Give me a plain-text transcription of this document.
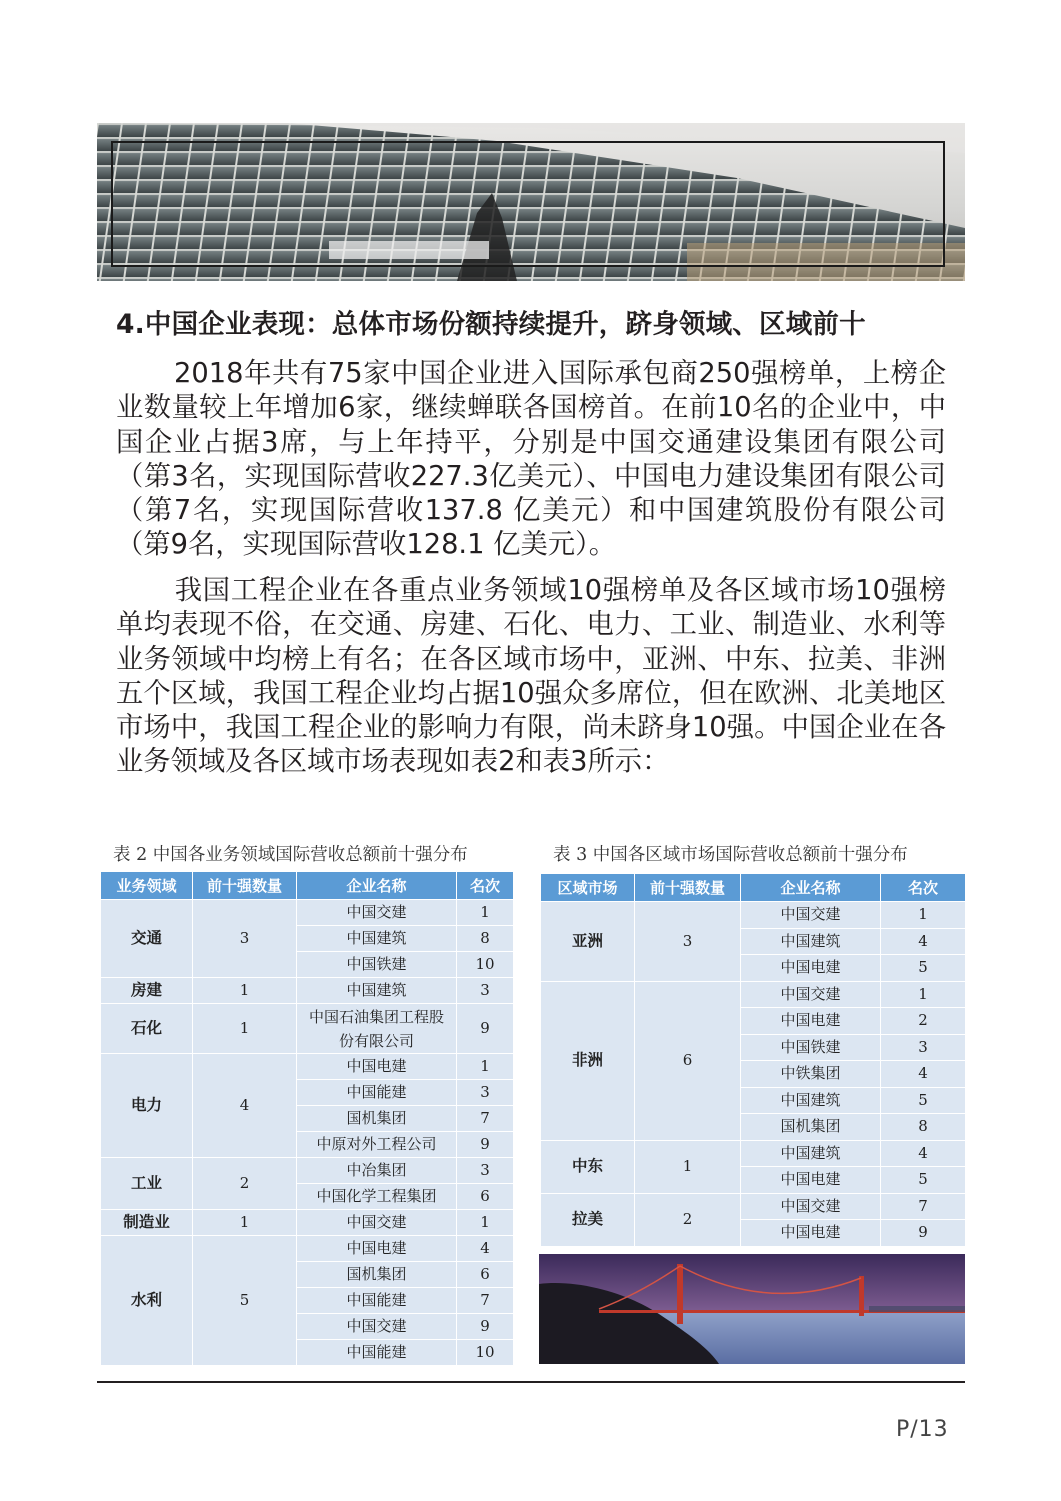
4.中国企业表现：总体市场份额持续提升，跻身领域、区域前十
2018年共有75家中国企业进入国际承包商250强榜单，上榜企业数量较上年增加6家，继续蝉联各国榜首。在前10名的企业中，中国企业占据3席，与上年持平，分别是中国交通建设集团有限公司（第3名，实现国际营收227.3亿美元）、中国电力建设集团有限公司（第7名，实现国际营收137.8 亿美元）和中国建筑股份有限公司（第9名，实现国际营收128.1 亿美元）。
我国工程企业在各重点业务领域10强榜单及各区域市场10强榜单均表现不俗，在交通、房建、石化、电力、工业、制造业、水利等业务领域中均榜上有名；在各区域市场中，亚洲、中东、拉美、非洲五个区域，我国工程企业均占据10强众多席位，但在欧洲、北美地区市场中，我国工程企业的影响力有限，尚未跻身10强。中国企业在各业务领域及各区域市场表现如表2和表3所示：
表 2 中国各业务领域国际营收总额前十强分布	表 3 中国各区域市场国际营收总额前十强分布
业务领域	前十强数量	企业名称	名次
交通	3	中国交建	1
		中国建筑	8
		中国铁建	10
房建	1	中国建筑	3
石化	1	中国石油集团工程股份有限公司	9
电力	4	中国电建	1
		中国能建	3
		国机集团	7
		中原对外工程公司	9
工业	2	中冶集团	3
		中国化学工程集团	6
制造业	1	中国交建	1
水利	5	中国电建	4
		国机集团	6
		中国能建	7
		中国交建	9
		中国能建	10
区域市场	前十强数量	企业名称	名次
亚洲	3	中国交建	1
		中国建筑	4
		中国电建	5
非洲	6	中国交建	1
		中国电建	2
		中国铁建	3
		中铁集团	4
		中国建筑	5
		国机集团	8
中东	1	中国建筑	4
		中国电建	5
拉美	2	中国交建	7
		中国电建	9
P/13
